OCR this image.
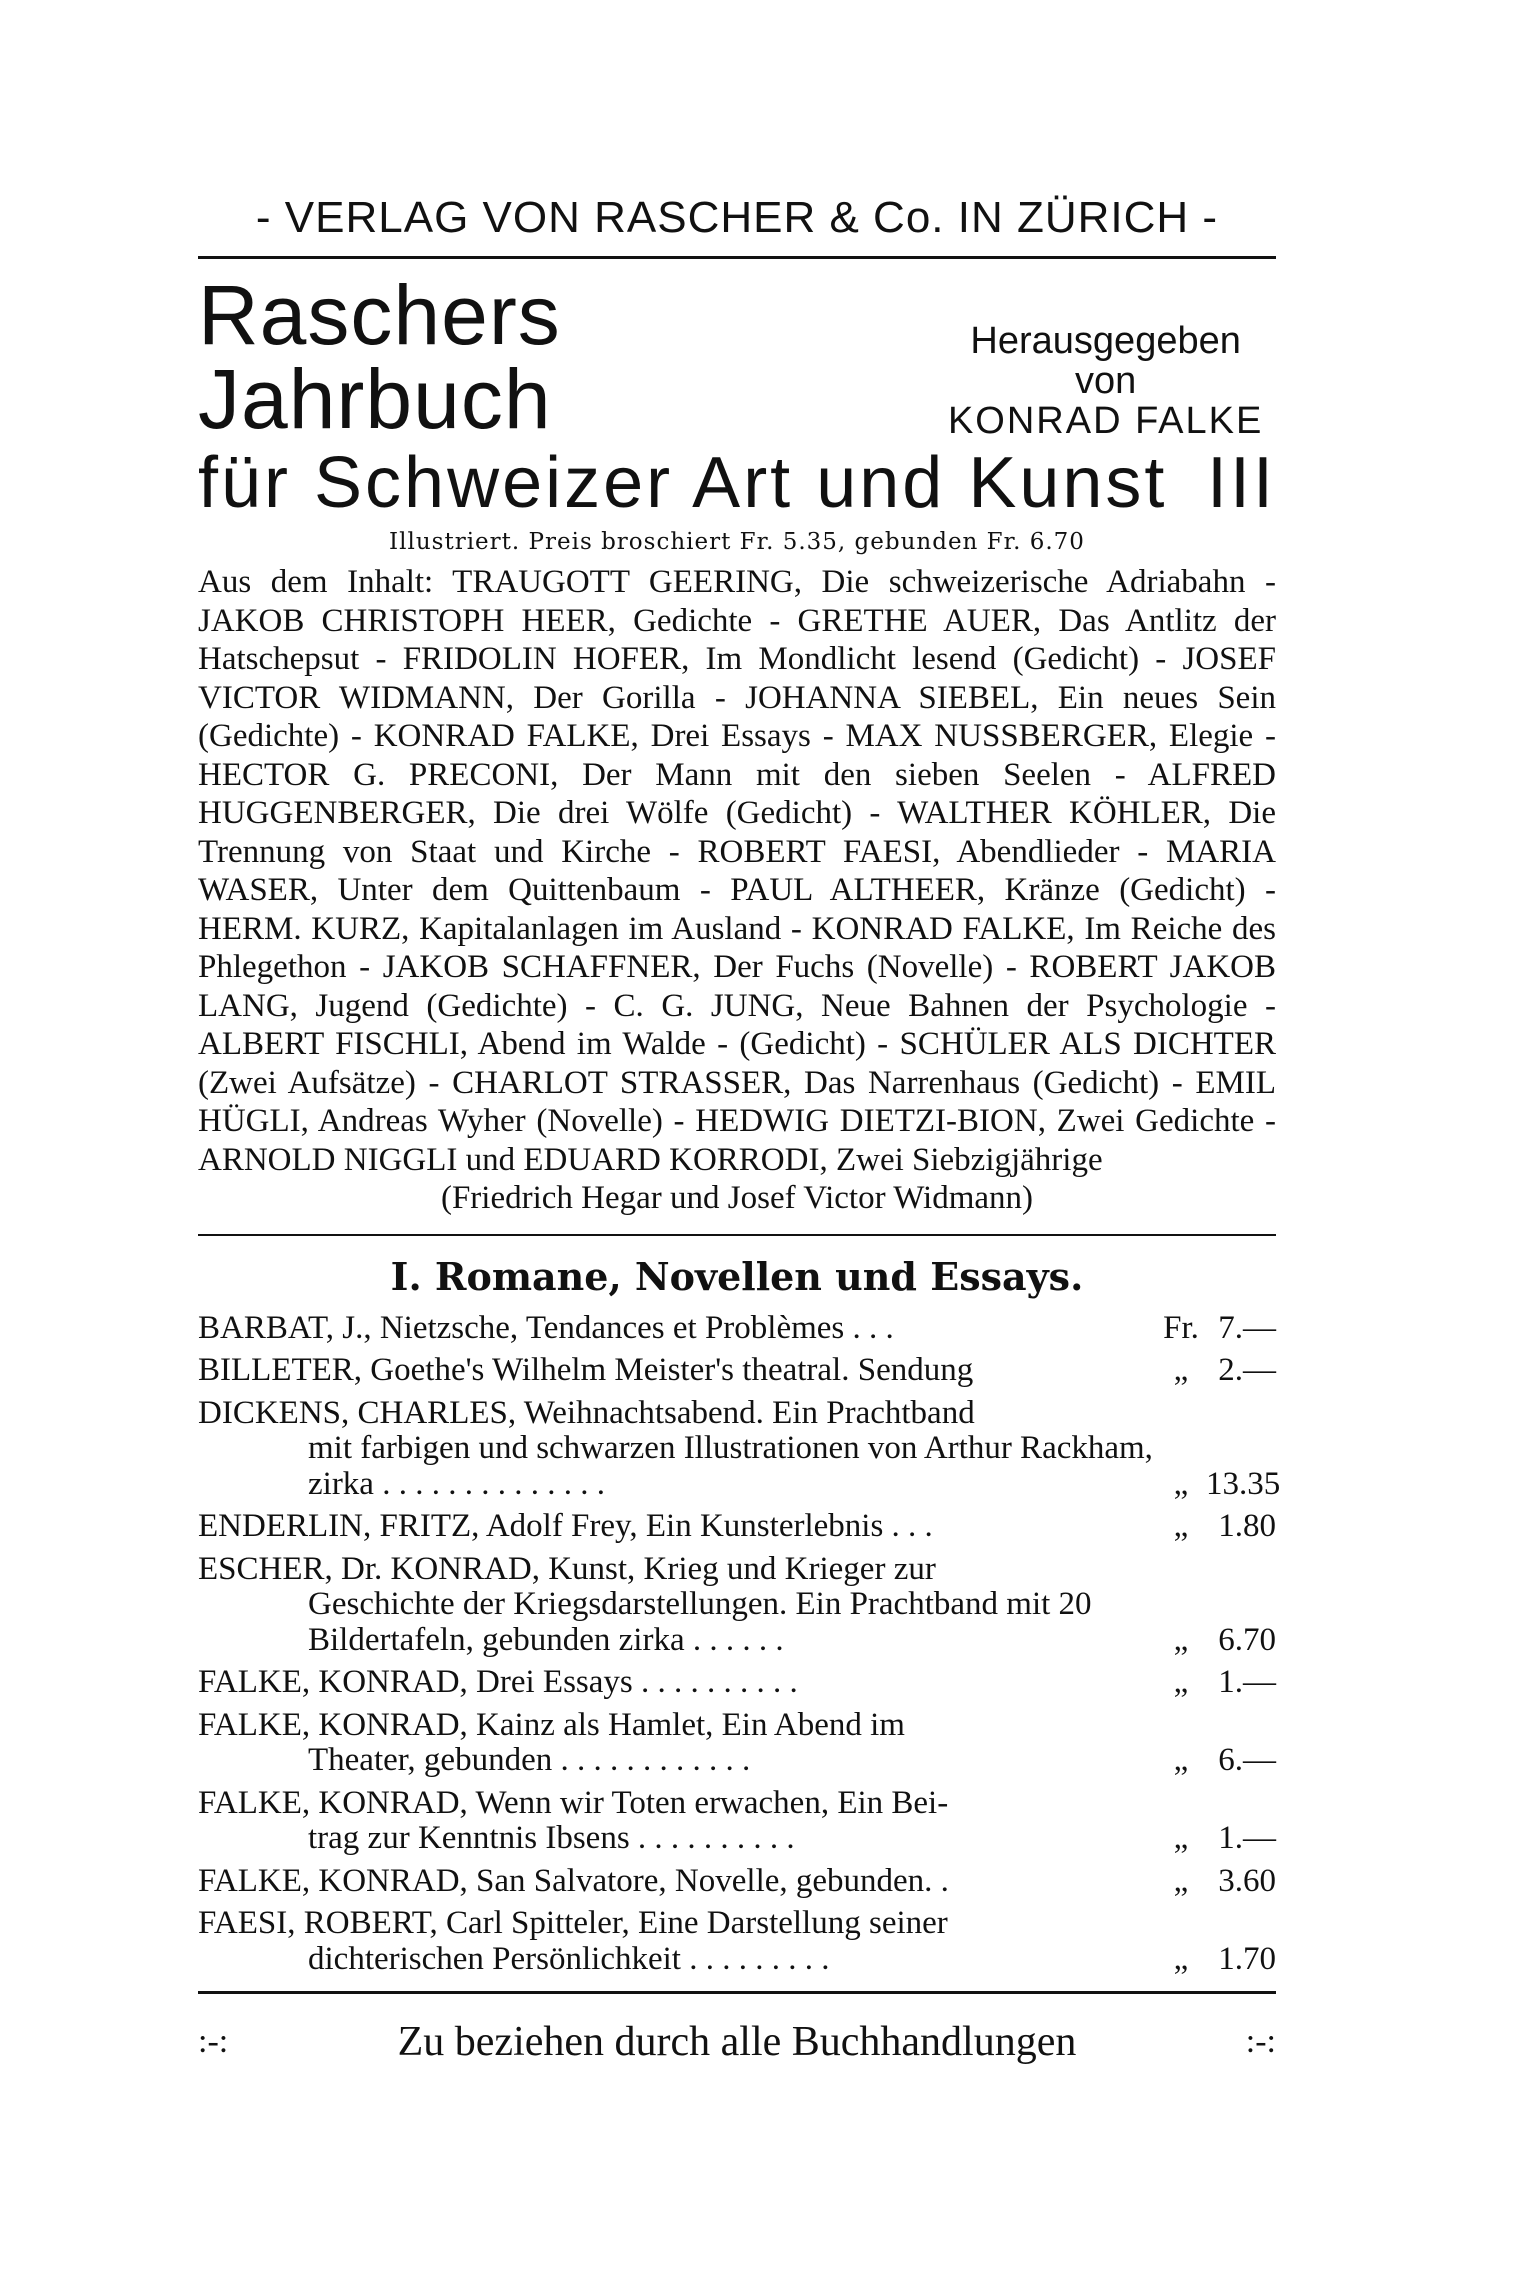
- VERLAG VON RASCHER & Co. IN ZÜRICH -
Raschers Jahrbuch
Herausgegeben von
KONRAD FALKE
für Schweizer Art und Kunst III
Illustriert. Preis broschiert Fr. 5.35, gebunden Fr. 6.70
Aus dem Inhalt: TRAUGOTT GEERING, Die schweizerische Adriabahn - JAKOB CHRISTOPH HEER, Gedichte - GRETHE AUER, Das Antlitz der Hatschepsut - FRIDOLIN HOFER, Im Mondlicht lesend (Gedicht) - JOSEF VICTOR WIDMANN, Der Gorilla - JOHANNA SIEBEL, Ein neues Sein (Gedichte) - KONRAD FALKE, Drei Essays - MAX NUSSBERGER, Elegie - HECTOR G. PRECONI, Der Mann mit den sieben Seelen - ALFRED HUGGENBERGER, Die drei Wölfe (Gedicht) - WALTHER KÖHLER, Die Trennung von Staat und Kirche - ROBERT FAESI, Abendlieder - MARIA WASER, Unter dem Quittenbaum - PAUL ALTHEER, Kränze (Gedicht) - HERM. KURZ, Kapitalanlagen im Ausland - KONRAD FALKE, Im Reiche des Phlegethon - JAKOB SCHAFFNER, Der Fuchs (Novelle) - ROBERT JAKOB LANG, Jugend (Gedichte) - C. G. JUNG, Neue Bahnen der Psychologie - ALBERT FISCHLI, Abend im Walde - (Gedicht) - SCHÜLER ALS DICHTER (Zwei Aufsätze) - CHARLOT STRASSER, Das Narrenhaus (Gedicht) - EMIL HÜGLI, Andreas Wyher (Novelle) - HEDWIG DIETZI-BION, Zwei Gedichte - ARNOLD NIGGLI und EDUARD KORRODI, Zwei Siebzigjährige
(Friedrich Hegar und Josef Victor Widmann)
I. Romane, Novellen und Essays.
BARBAT, J., Nietzsche, Tendances et Problèmes . . .	Fr. 7.—
BILLETER, Goethe's Wilhelm Meister's theatral. Sendung	„ 2.—
DICKENS, CHARLES, Weihnachtsabend. Ein Prachtband
mit farbigen und schwarzen Illustrationen von Arthur Rackham, zirka . . . . . . . . . . . . . .	„ 13.35
ENDERLIN, FRITZ, Adolf Frey, Ein Kunsterlebnis . . .	„ 1.80
ESCHER, Dr. KONRAD, Kunst, Krieg und Krieger zur
Geschichte der Kriegsdarstellungen. Ein Prachtband mit 20 Bildertafeln, gebunden zirka . . . . . .	„ 6.70
FALKE, KONRAD, Drei Essays . . . . . . . . . .	„ 1.—
FALKE, KONRAD, Kainz als Hamlet, Ein Abend im
Theater, gebunden . . . . . . . . . . . .	„ 6.—
FALKE, KONRAD, Wenn wir Toten erwachen, Ein Bei-
trag zur Kenntnis Ibsens . . . . . . . . . .	„ 1.—
FALKE, KONRAD, San Salvatore, Novelle, gebunden. .	„ 3.60
FAESI, ROBERT, Carl Spitteler, Eine Darstellung seiner
dichterischen Persönlichkeit . . . . . . . . .	„ 1.70
:-:	Zu beziehen durch alle Buchhandlungen	:-:
